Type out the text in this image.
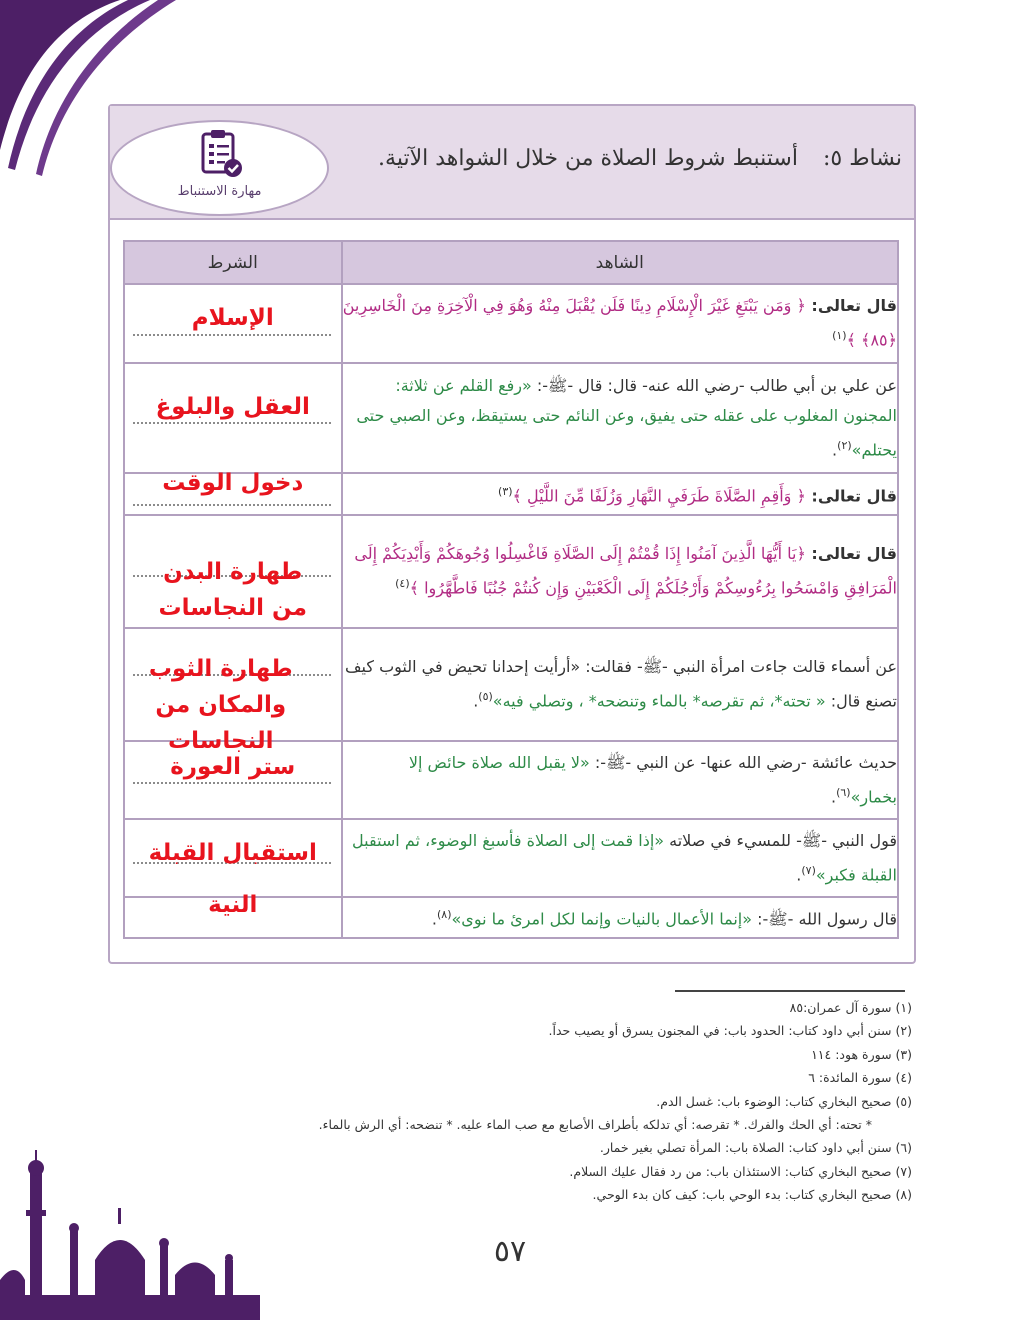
نشاط ٥: أستنبط شروط الصلاة من خلال الشواهد الآتية.
مهارة الاستنباط
الشاهد	الشرط
قال تعالى: ﴿ وَمَن يَبْتَغِ غَيْرَ الْإِسْلَامِ دِينًا فَلَن يُقْبَلَ مِنْهُ وَهُوَ فِي الْآخِرَةِ مِنَ الْخَاسِرِينَ ﴿٨٥﴾ ﴾$^{(١)}$	الإسلام

عن علي بن أبي طالب -رضي الله عنه- قال: قال -ﷺ-: «رفع القلم عن ثلاثة: المجنون المغلوب على عقله حتى يفيق، وعن النائم حتى يستيقظ، وعن الصبي حتى يحتلم»$^{(٢)}$.	العقل والبلوغ

قال تعالى: ﴿ وَأَقِمِ الصَّلَاةَ طَرَفَيِ النَّهَارِ وَزُلَفًا مِّنَ اللَّيْلِ ﴾$^{(٣)}$	دخول الوقت

قال تعالى: ﴿يَا أَيُّهَا الَّذِينَ آمَنُوا إِذَا قُمْتُمْ إِلَى الصَّلَاةِ فَاغْسِلُوا وُجُوهَكُمْ وَأَيْدِيَكُمْ إِلَى الْمَرَافِقِ وَامْسَحُوا بِرُءُوسِكُمْ وَأَرْجُلَكُمْ إِلَى الْكَعْبَيْنِ وَإِن كُنتُمْ جُنُبًا فَاطَّهَّرُوا ﴾$^{(٤)}$	طهارة البدن من النجاسات

عن أسماء قالت جاءت امرأة النبي -ﷺ- فقالت: «أرأيت إحدانا تحيض في الثوب كيف تصنع قال: « تحته*، ثم تقرصه* بالماء وتنضحه* ، وتصلي فيه»$^{(٥)}$.	طهارة الثوب والمكان من النجاسات

حديث عائشة -رضي الله عنها- عن النبي -ﷺ-: «لا يقبل الله صلاة حائض إلا بخمار»$^{(٦)}$.	ستر العورة

قول النبي -ﷺ- للمسيء في صلاته «إذا قمت إلى الصلاة فأسبغ الوضوء، ثم استقبل القبلة فكبر»$^{(٧)}$.	استقبال القبلة

قال رسول الله -ﷺ-: «إنما الأعمال بالنيات وإنما لكل امرئ ما نوى»$^{(٨)}$.	النية
(١) سورة آل عمران:٨٥
(٢) سنن أبي داود كتاب: الحدود باب: في المجنون يسرق أو يصيب حداً.
(٣) سورة هود: ١١٤
(٤) سورة المائدة: ٦
(٥) صحيح البخاري كتاب: الوضوء باب: غسل الدم.
* تحته: أي الحك والفرك. * تقرصه: أي تدلكه بأطراف الأصابع مع صب الماء عليه. * تنضحه: أي الرش بالماء.
(٦) سنن أبي داود كتاب: الصلاة باب: المرأة تصلي بغير خمار.
(٧) صحيح البخاري كتاب: الاستئذان باب: من رد فقال عليك السلام.
(٨) صحيح البخاري كتاب: بدء الوحي باب: كيف كان بدء الوحي.
٥٧
